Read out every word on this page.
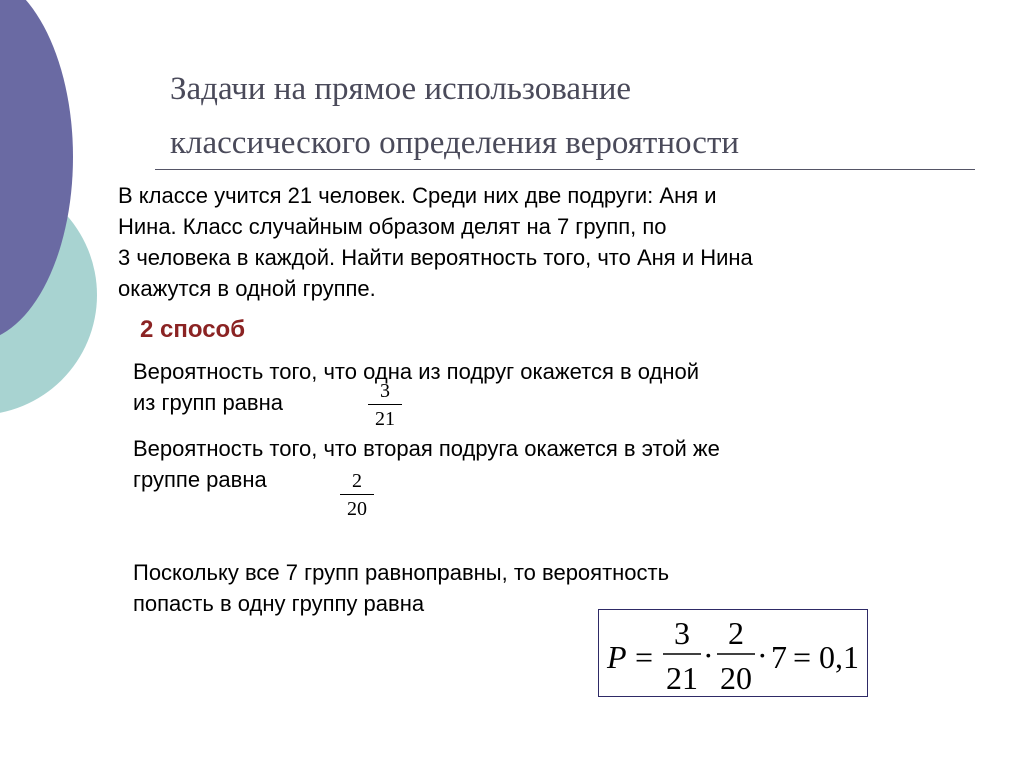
Задачи на прямое использование
классического определения вероятности
В классе учится 21 человек. Среди них две подруги: Аня и
Нина. Класс случайным образом делят на 7 групп, по
3 человека в каждой. Найти вероятность того, что Аня и Нина
окажутся в одной группе.
2 способ
Вероятность того, что одна из подруг окажется в одной
из групп равна	3
21
Вероятность того, что вторая подруга окажется в этой же
группе равна	2
20
Поскольку все 7 групп равноправны, то вероятность
попасть в одну группу равна
P =
3
21
·
2
20
· 7 = 0,1
